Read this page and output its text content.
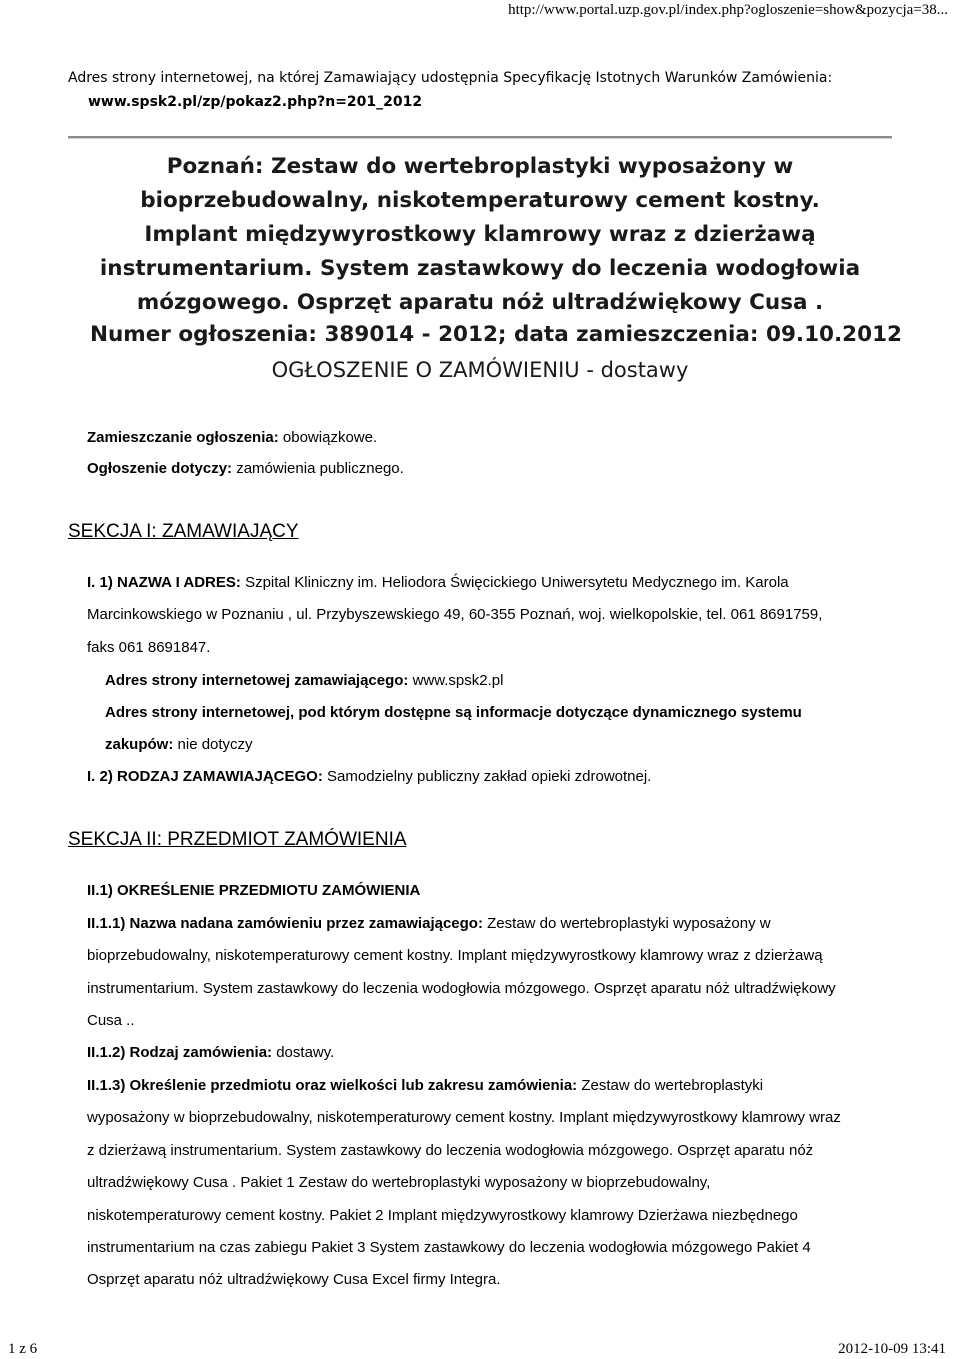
http://www.portal.uzp.gov.pl/index.php?ogloszenie=show&pozycja=38...
Adres strony internetowej, na której Zamawiający udostępnia Specyfikację Istotnych Warunków Zamówienia:
www.spsk2.pl/zp/pokaz2.php?n=201_2012
Poznań: Zestaw do wertebroplastyki wyposażony w bioprzebudowalny, niskotemperaturowy cement kostny. Implant międzywyrostkowy klamrowy wraz z dzierżawą instrumentarium. System zastawkowy do leczenia wodogłowia mózgowego. Osprzęt aparatu nóż ultradźwiękowy Cusa .
Numer ogłoszenia: 389014 - 2012; data zamieszczenia: 09.10.2012
OGŁOSZENIE O ZAMÓWIENIU - dostawy
Zamieszczanie ogłoszenia: obowiązkowe.
Ogłoszenie dotyczy: zamówienia publicznego.
SEKCJA I: ZAMAWIAJĄCY
I. 1) NAZWA I ADRES: Szpital Kliniczny im. Heliodora Święcickiego Uniwersytetu Medycznego im. Karola
Marcinkowskiego w Poznaniu , ul. Przybyszewskiego 49, 60-355 Poznań, woj. wielkopolskie, tel. 061 8691759,
faks 061 8691847.
Adres strony internetowej zamawiającego: www.spsk2.pl
Adres strony internetowej, pod którym dostępne są informacje dotyczące dynamicznego systemu
zakupów: nie dotyczy
I. 2) RODZAJ ZAMAWIAJĄCEGO: Samodzielny publiczny zakład opieki zdrowotnej.
SEKCJA II: PRZEDMIOT ZAMÓWIENIA
II.1) OKREŚLENIE PRZEDMIOTU ZAMÓWIENIA
II.1.1) Nazwa nadana zamówieniu przez zamawiającego: Zestaw do wertebroplastyki wyposażony w
bioprzebudowalny, niskotemperaturowy cement kostny. Implant międzywyrostkowy klamrowy wraz z dzierżawą
instrumentarium. System zastawkowy do leczenia wodogłowia mózgowego. Osprzęt aparatu nóż ultradźwiękowy
Cusa ..
II.1.2) Rodzaj zamówienia: dostawy.
II.1.3) Określenie przedmiotu oraz wielkości lub zakresu zamówienia: Zestaw do wertebroplastyki
wyposażony w bioprzebudowalny, niskotemperaturowy cement kostny. Implant międzywyrostkowy klamrowy wraz
z dzierżawą instrumentarium. System zastawkowy do leczenia wodogłowia mózgowego. Osprzęt aparatu nóż
ultradźwiękowy Cusa . Pakiet 1 Zestaw do wertebroplastyki wyposażony w bioprzebudowalny,
niskotemperaturowy cement kostny. Pakiet 2 Implant międzywyrostkowy klamrowy Dzierżawa niezbędnego
instrumentarium na czas zabiegu Pakiet 3 System zastawkowy do leczenia wodogłowia mózgowego Pakiet 4
Osprzęt aparatu nóż ultradźwiękowy Cusa Excel firmy Integra.
1 z 6	2012-10-09 13:41
